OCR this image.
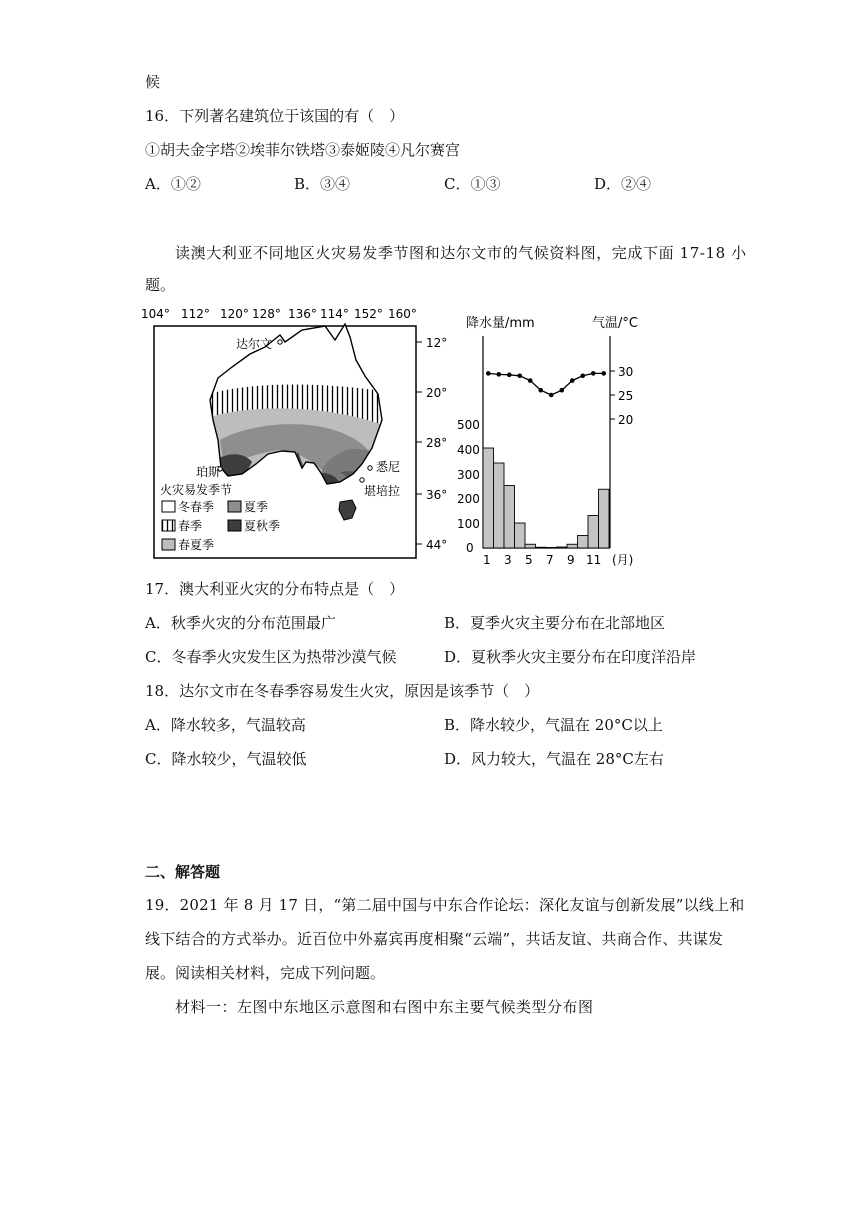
候
16．下列著名建筑位于该国的有（　）
①胡夫金字塔②埃菲尔铁塔③泰姬陵④凡尔赛宫
A．①②	B．③④	C．①③	D．②④
读澳大利亚不同地区火灾易发季节图和达尔文市的气候资料图，完成下面 17-18 小
题。
104° 112° 120° 128° 136° 114° 152° 160°
12°
20°
28°
36°
44°
达尔文
珀斯	悉尼
堪培拉
火灾易发季节
冬春季 夏季
春季	夏秋季
春夏季
降水量/mm	气温/°C
500
400
300
200
100
0
30
25
20
1 3 5 7 9 11 (月)
17．澳大利亚火灾的分布特点是（　）
A．秋季火灾的分布范围最广	B．夏季火灾主要分布在北部地区
C．冬春季火灾发生区为热带沙漠气候	D．夏秋季火灾主要分布在印度洋沿岸
18．达尔文市在冬春季容易发生火灾，原因是该季节（　）
A．降水较多，气温较高	B．降水较少，气温在 20°C以上
C．降水较少，气温较低	D．风力较大，气温在 28°C左右
二、解答题
19．2021 年 8 月 17 日，“第二届中国与中东合作论坛：深化友谊与创新发展”以线上和
线下结合的方式举办。近百位中外嘉宾再度相聚“云端”，共话友谊、共商合作、共谋发
展。阅读相关材料，完成下列问题。
材料一：左图中东地区示意图和右图中东主要气候类型分布图
